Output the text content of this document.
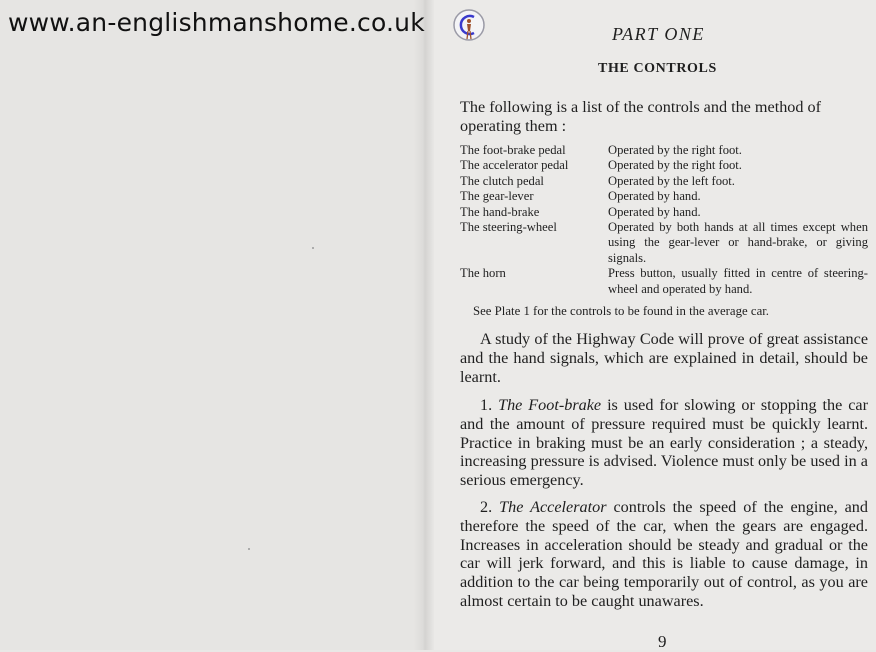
www.an-englishmanshome.co.uk	PART ONE
THE CONTROLS

The following is a list of the controls and the method of operating them :

The foot-brake pedal	Operated by the right foot.
The accelerator pedal	Operated by the right foot.
The clutch pedal	Operated by the left foot.
The gear-lever	Operated by hand.
The hand-brake	Operated by hand.
The steering-wheel	Operated by both hands at all times except when using the gear-lever or hand-brake, or giving signals.
The horn	Press button, usually fitted in centre of steering-wheel and operated by hand.

See Plate 1 for the controls to be found in the average car.

A study of the Highway Code will prove of great assistance and the hand signals, which are explained in detail, should be learnt.

1. The Foot-brake is used for slowing or stopping the car and the amount of pressure required must be quickly learnt. Practice in braking must be an early consideration ; a steady, increasing pressure is advised. Violence must only be used in a serious emergency.

2. The Accelerator controls the speed of the engine, and therefore the speed of the car, when the gears are engaged. Increases in acceleration should be steady and gradual or the car will jerk forward, and this is liable to cause damage, in addition to the car being temporarily out of control, as you are almost certain to be caught unawares.

9
